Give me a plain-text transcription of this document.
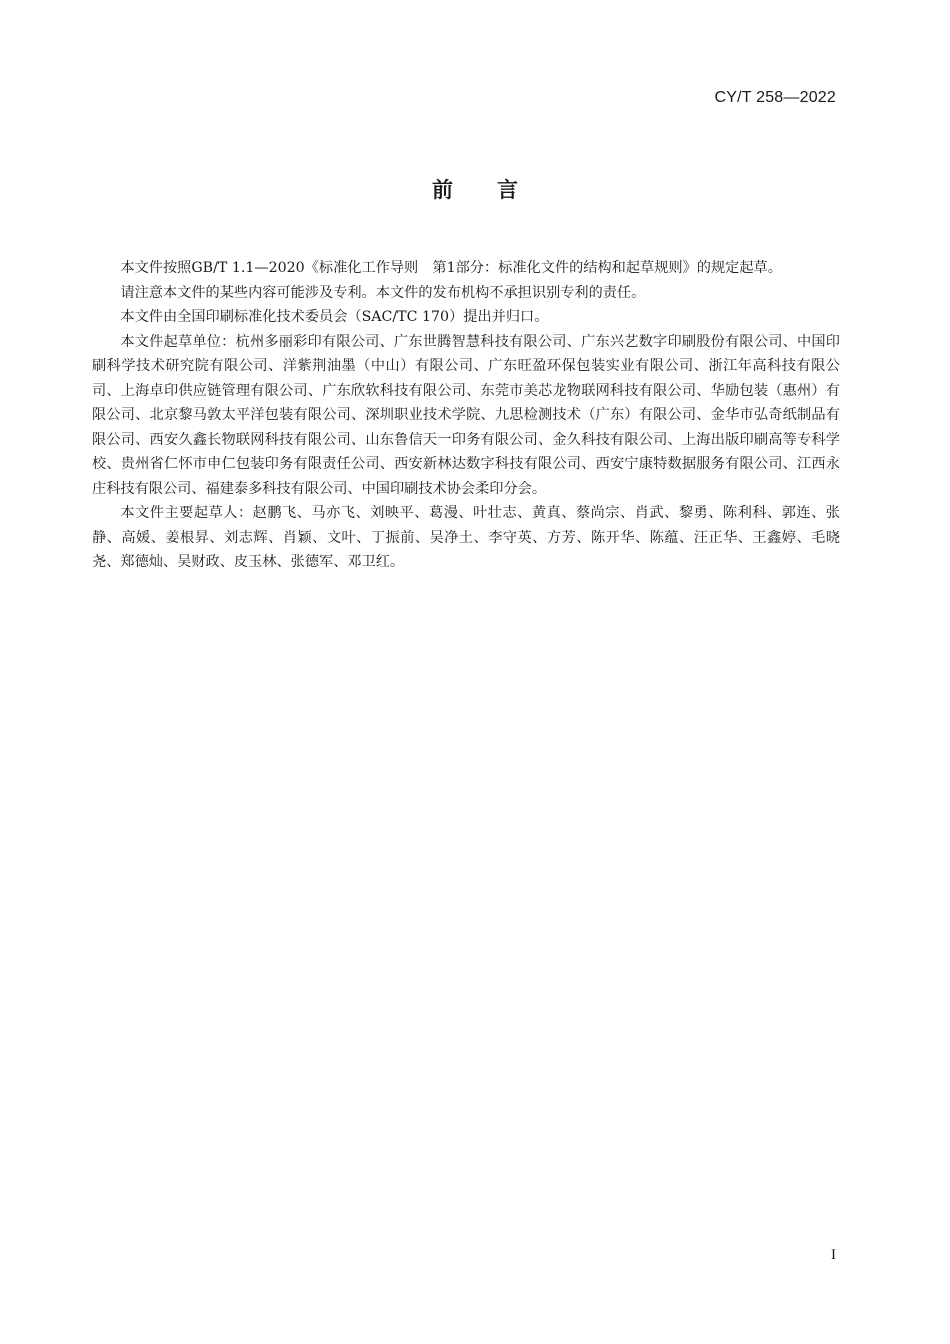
CY/T 258—2022
前 言

本文件按照GB/T 1.1—2020《标准化工作导则　第1部分：标准化文件的结构和起草规则》的规定起草。

请注意本文件的某些内容可能涉及专利。本文件的发布机构不承担识别专利的责任。

本文件由全国印刷标准化技术委员会（SAC/TC 170）提出并归口。

本文件起草单位：杭州多丽彩印有限公司、广东世腾智慧科技有限公司、广东兴艺数字印刷股份有限公司、中国印刷科学技术研究院有限公司、洋紫荆油墨（中山）有限公司、广东旺盈环保包装实业有限公司、浙江年高科技有限公司、上海卓印供应链管理有限公司、广东欣软科技有限公司、东莞市美芯龙物联网科技有限公司、华励包装（惠州）有限公司、北京黎马敦太平洋包装有限公司、深圳职业技术学院、九思检测技术（广东）有限公司、金华市弘奇纸制品有限公司、西安久鑫长物联网科技有限公司、山东鲁信天一印务有限公司、金久科技有限公司、上海出版印刷高等专科学校、贵州省仁怀市申仁包装印务有限责任公司、西安新林达数字科技有限公司、西安宁康特数据服务有限公司、江西永庄科技有限公司、福建泰多科技有限公司、中国印刷技术协会柔印分会。

本文件主要起草人：赵鹏飞、马亦飞、刘映平、葛漫、叶壮志、黄真、蔡尚宗、肖武、黎勇、陈利科、郭连、张静、高媛、姜根昇、刘志辉、肖颖、文叶、丁振前、吴净土、李守英、方芳、陈开华、陈蕴、汪正华、王鑫婷、毛晓尧、郑德灿、吴财政、皮玉林、张德军、邓卫红。

I
